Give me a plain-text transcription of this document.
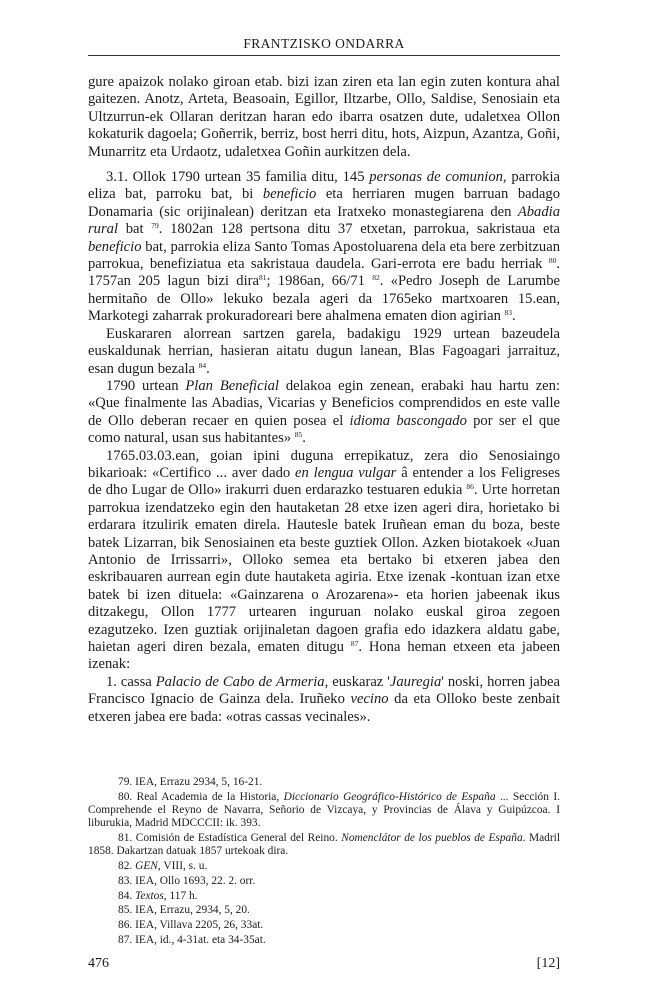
FRANTZISKO ONDARRA

gure apaizok nolako giroan etab. bizi izan ziren eta lan egin zuten kontura ahal gaitezen. Anotz, Arteta, Beasoain, Egillor, Iltzarbe, Ollo, Saldise, Senosiain eta Ultzurrun-ek Ollaran deritzan haran edo ibarra osatzen dute, udaletxea Ollon kokaturik dagoela; Goñerrik, berriz, bost herri ditu, hots, Aizpun, Azantza, Goñi, Munarritz eta Urdaotz, udaletxea Goñin aurkitzen dela.

3.1. Ollok 1790 urtean 35 familia ditu, 145 personas de comunion, parrokia eliza bat, parroku bat, bi beneficio eta herriaren mugen barruan badago Donamaria (sic orijinalean) deritzan eta Iratxeko monastegiarena den Abadia rural bat $^{79}$. 1802an 128 pertsona ditu 37 etxetan, parrokua, sakristaua eta beneficio bat, parrokia eliza Santo Tomas Apostoluarena dela eta bere zerbitzuan parrokua, benefiziatua eta sakristaua daudela. Gari-errota ere badu herriak $^{80}$. 1757an 205 lagun bizi dira$^{81}$; 1986an, 66/71 $^{82}$. «Pedro Joseph de Larumbe hermitaño de Ollo» lekuko bezala ageri da 1765eko martxoaren 15.ean, Markotegi zaharrak prokuradoreari bere ahalmena ematen dion agirian $^{83}$.

Euskararen alorrean sartzen garela, badakigu 1929 urtean bazeudela euskaldunak herrian, hasieran aitatu dugun lanean, Blas Fagoagari jarraituz, esan dugun bezala $^{84}$.

1790 urtean Plan Beneficial delakoa egin zenean, erabaki hau hartu zen: «Que finalmente las Abadias, Vicarias y Beneficios comprendidos en este valle de Ollo deberan recaer en quien posea el idioma bascongado por ser el que como natural, usan sus habitantes» $^{85}$.

1765.03.03.ean, goian ipini duguna errepikatuz, zera dio Senosiaingo bikarioak: «Certifico ... aver dado en lengua vulgar â entender a los Feligreses de dho Lugar de Ollo» irakurri duen erdarazko testuaren edukia $^{86}$. Urte horretan parrokua izendatzeko egin den hautaketan 28 etxe izen ageri dira, horietako bi erdarara itzulirik ematen direla. Hautesle batek Iruñean eman du boza, beste batek Lizarran, bik Senosiainen eta beste guztiek Ollon. Azken biotakoek «Juan Antonio de Irrissarri», Olloko semea eta bertako bi etxeren jabea den eskribauaren aurrean egin dute hautaketa agiria. Etxe izenak -kontuan izan etxe batek bi izen dituela: «Gainzarena o Arozarena»- eta horien jabeenak ikus ditzakegu, Ollon 1777 urtearen inguruan nolako euskal giroa zegoen ezagutzeko. Izen guztiak orijinaletan dagoen grafia edo idazkera aldatu gabe, haietan ageri diren bezala, ematen ditugu $^{87}$. Hona heman etxeen eta jabeen izenak:

1. cassa Palacio de Cabo de Armeria, euskaraz 'Jauregia' noski, horren jabea Francisco Ignacio de Gainza dela. Iruñeko vecino da eta Olloko beste zenbait etxeren jabea ere bada: «otras cassas vecinales».

79. IEA, Errazu 2934, 5, 16-21.
80. Real Academia de la Historia, Diccionario Geográfico-Histórico de España ... Sección I. Comprehende el Reyno de Navarra, Señorio de Vizcaya, y Provincias de Álava y Guipúzcoa. I liburukia, Madrid MDCCCII: ik. 393.
81. Comisión de Estadística General del Reino. Nomenclátor de los pueblos de España. Madril 1858. Dakartzan datuak 1857 urtekoak dira.
82. GEN, VIII, s. u.
83. IEA, Ollo 1693, 22. 2. orr.
84. Textos, 117 h.
85. IEA, Errazu, 2934, 5, 20.
86. IEA, Villava 2205, 26, 33at.
87. IEA, id., 4-31at. eta 34-35at.
476	[12]
